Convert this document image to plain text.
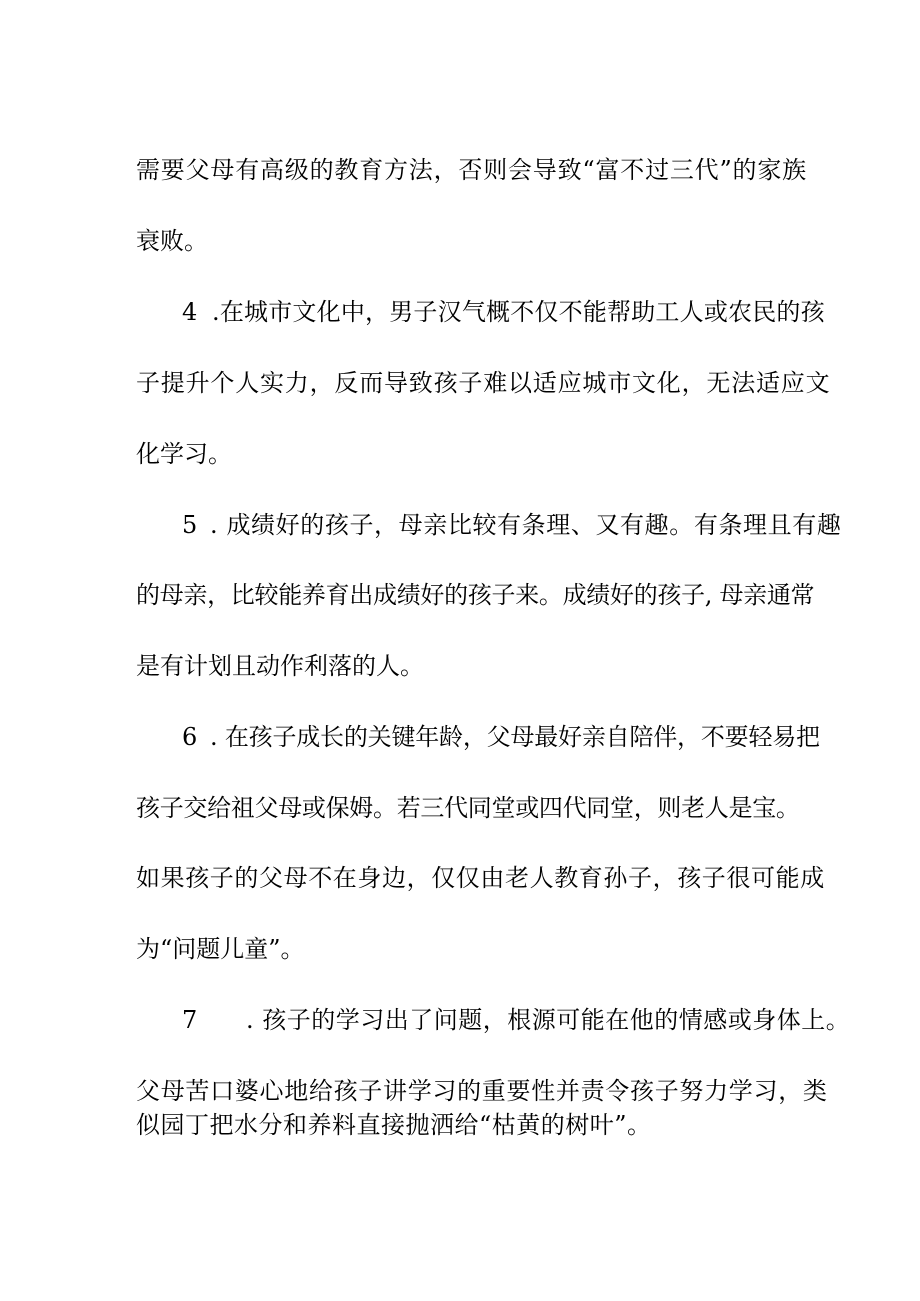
需要父母有高级的教育方法，否则会导致“富不过三代”的家族

衰败。

4 .在城市文化中，男子汉气概不仅不能帮助工人或农民的孩

子提升个人实力，反而导致孩子难以适应城市文化，无法适应文

化学习。

5 . 成绩好的孩子，母亲比较有条理、又有趣。有条理且有趣

的母亲，比较能养育出成绩好的孩子来。成绩好的孩子, 母亲通常

是有计划且动作利落的人。

6 . 在孩子成长的关键年龄，父母最好亲自陪伴，不要轻易把

孩子交给祖父母或保姆。若三代同堂或四代同堂，则老人是宝。

如果孩子的父母不在身边，仅仅由老人教育孙子，孩子很可能成

为“问题儿童”。

7 . 孩子的学习出了问题，根源可能在他的情感或身体上。

父母苦口婆心地给孩子讲学习的重要性并责令孩子努力学习，类

似园丁把水分和养料直接抛洒给“枯黄的树叶”。
